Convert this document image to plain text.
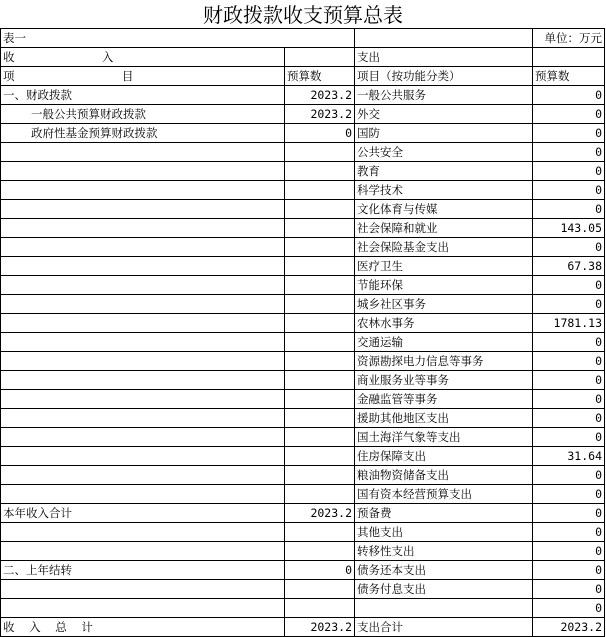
财政拨款收支预算总表
表一			单位：万元
收 入		支出	
项 目	预算数	项目（按功能分类）	预算数
一、财政拨款	2023.2	一般公共服务	0
一般公共预算财政拨款	2023.2	外交	0
政府性基金预算财政拨款	0	国防	0
		公共安全	0
		教育	0
		科学技术	0
		文化体育与传媒	0
		社会保障和就业	143.05
		社会保险基金支出	0
		医疗卫生	67.38
		节能环保	0
		城乡社区事务	0
		农林水事务	1781.13
		交通运输	0
		资源勘探电力信息等事务	0
		商业服务业等事务	0
		金融监管等事务	0
		援助其他地区支出	0
		国土海洋气象等支出	0
		住房保障支出	31.64
		粮油物资储备支出	0
		国有资本经营预算支出	0
本年收入合计	2023.2	预备费	0
		其他支出	0
		转移性支出	0
二、上年结转	0	债务还本支出	0
		债务付息支出	0
			0
收    入    总    计	2023.2	支出合计	2023.2
